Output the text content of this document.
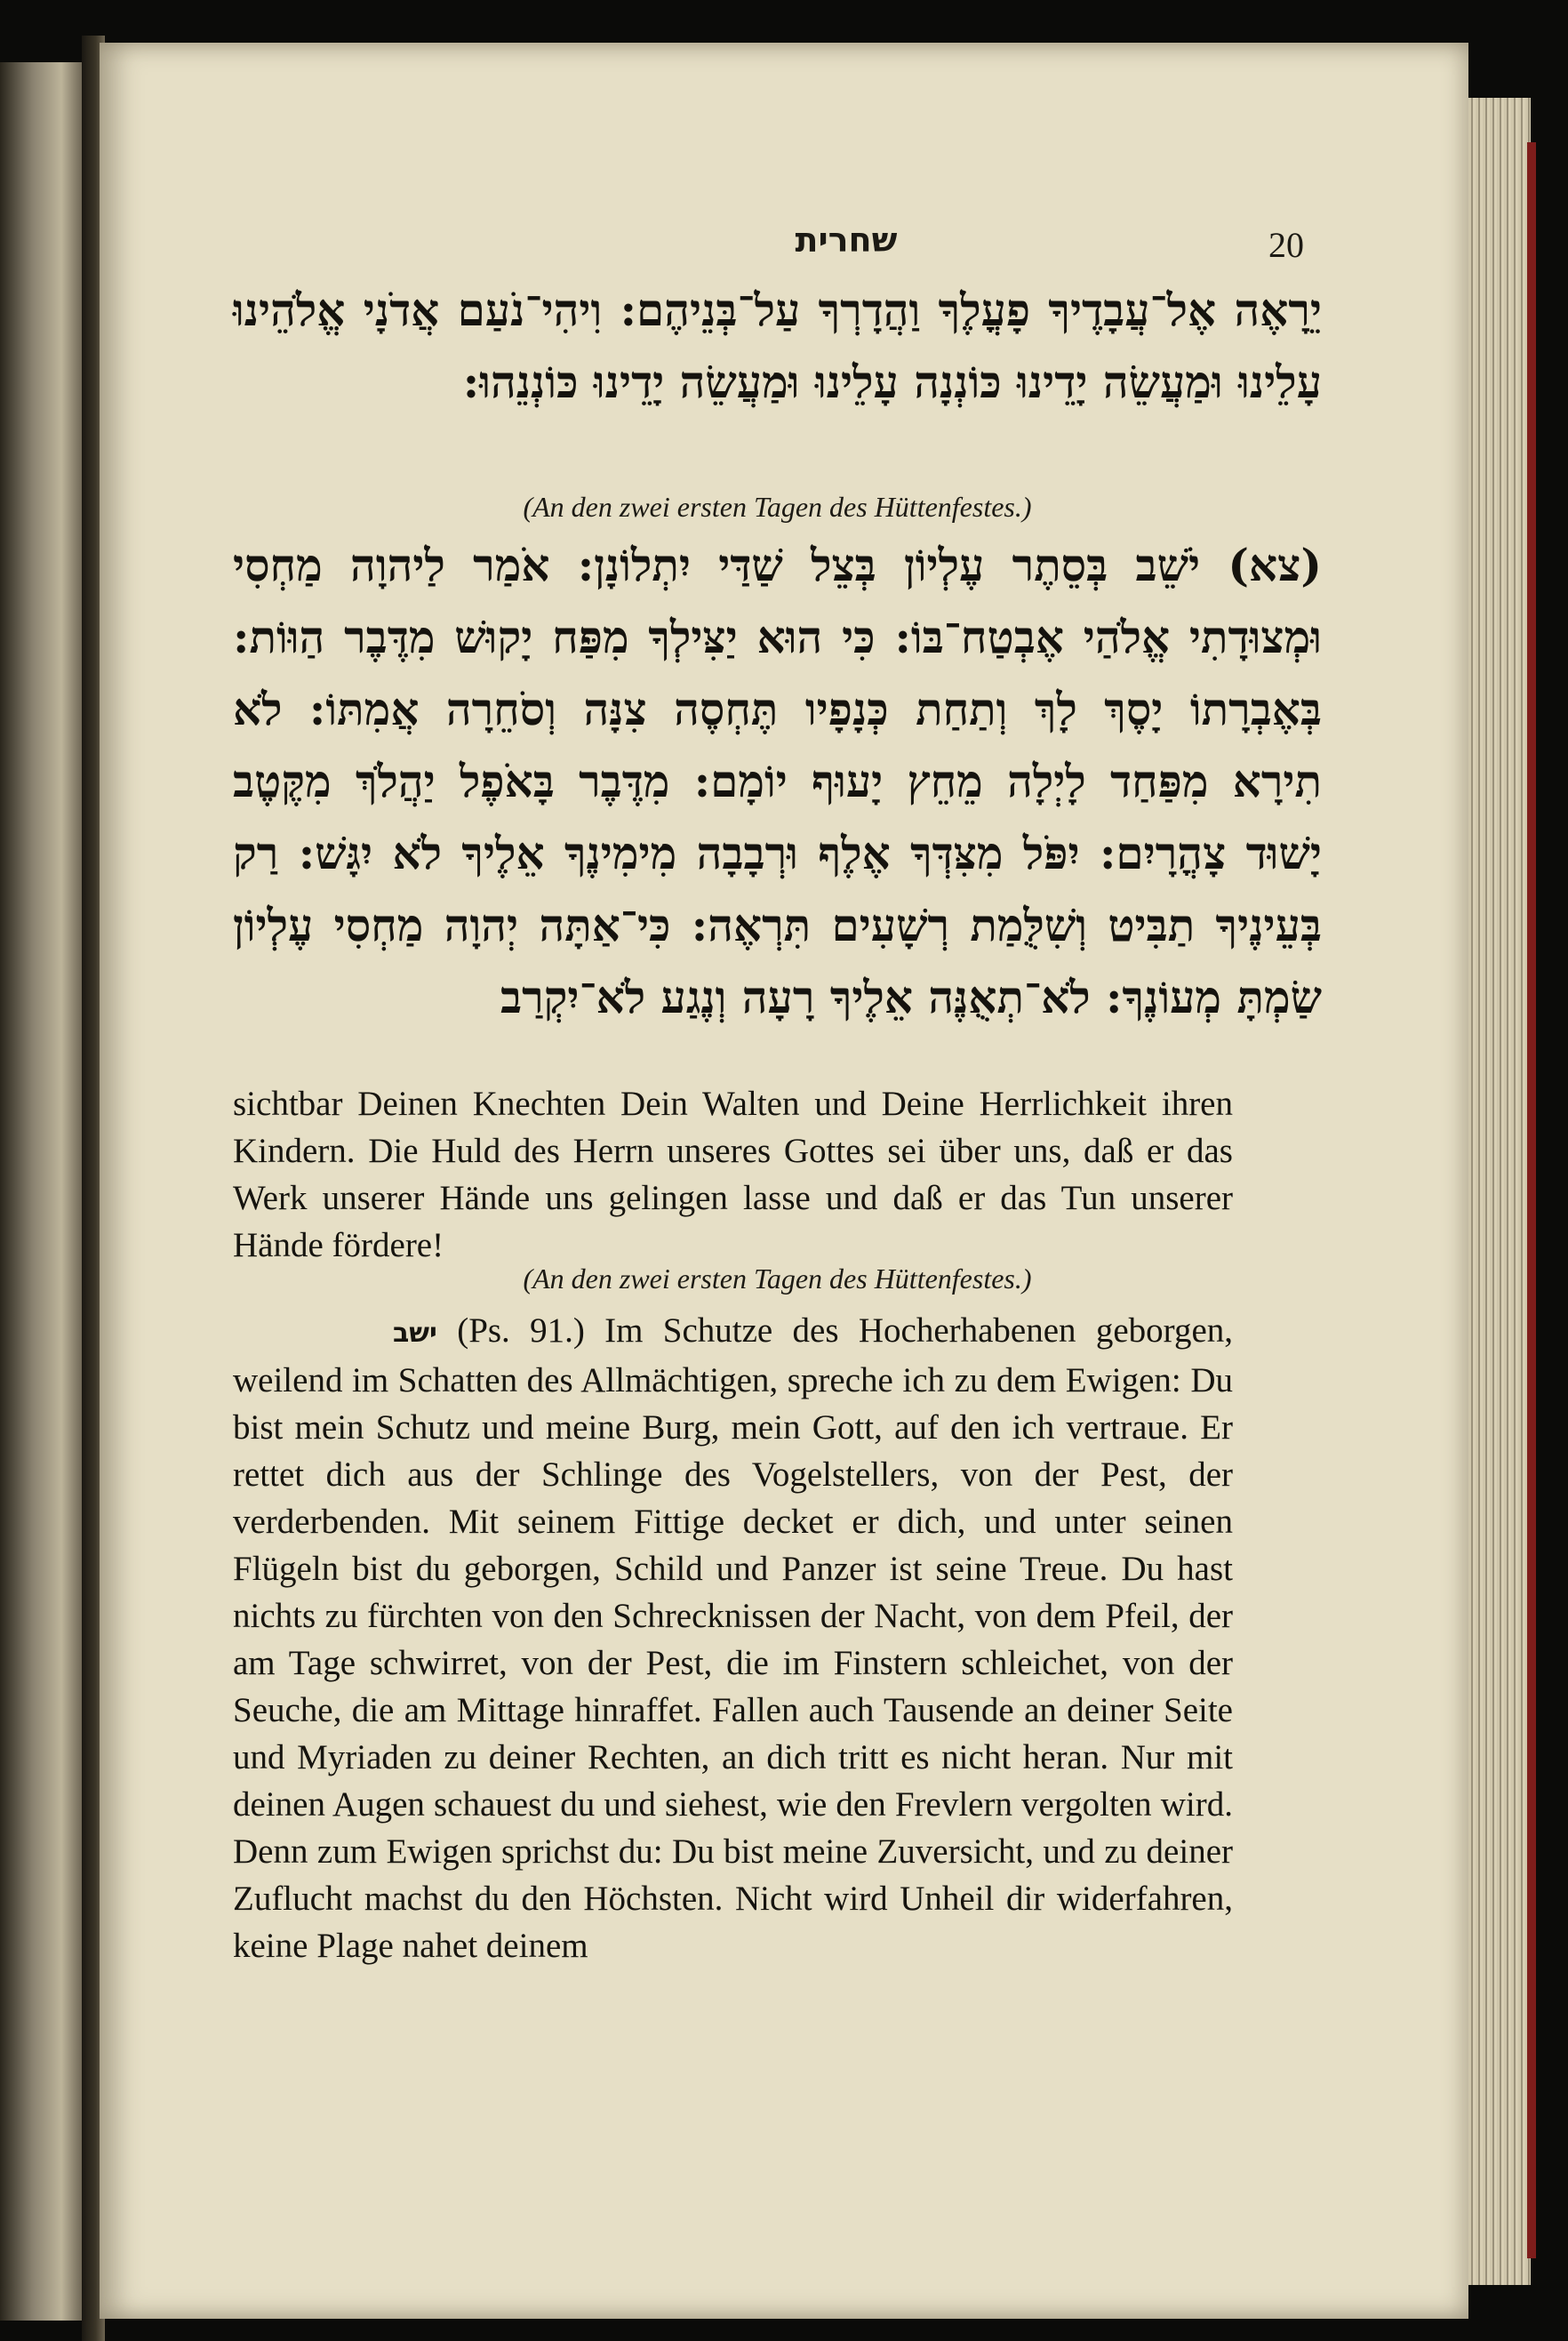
שחרית	20
יֵרָאֶה אֶל־עֲבָדֶיךָ פָעֳלֶךָ וַהֲדָרְךָ עַל־בְּנֵיהֶם: וִיהִי־נֹעַם אֲדֹנָי אֱלֹהֵינוּ עָלֵינוּ וּמַעֲשֵׂה יָדֵינוּ כּוֹנְנָה עָלֵינוּ וּמַעֲשֵׂה יָדֵינוּ כּוֹנְנֵהוּ:
(An den zwei ersten Tagen des Hüttenfestes.)
(צא) יֹשֵׁב בְּסֵתֶר עֶלְיוֹן בְּצֵל שַׁדַּי יִתְלוֹנָן: אֹמַר לַיהוָה מַחְסִי וּמְצוּדָתִי אֱלֹהַי אֶבְטַח־בּוֹ: כִּי הוּא יַצִּילְךָ מִפַּח יָקוּשׁ מִדֶּבֶר הַוּוֹת: בְּאֶבְרָתוֹ יָסֶךְ לָךְ וְתַחַת כְּנָפָיו תֶּחְסֶה צִנָּה וְסֹחֵרָה אֲמִתּוֹ: לֹא תִירָא מִפַּחַד לָיְלָה מֵחֵץ יָעוּף יוֹמָם: מִדֶּבֶר בָּאֹפֶל יַהֲלֹךְ מִקֶּטֶב יָשׁוּד צָהֳרָיִם: יִפֹּל מִצִּדְּךָ אֶלֶף וּרְבָבָה מִימִינֶךָ אֵלֶיךָ לֹא יִגָּשׁ: רַק בְּעֵינֶיךָ תַבִּיט וְשִׁלֻּמַת רְשָׁעִים תִּרְאֶה: כִּי־אַתָּה יְהוָה מַחְסִי עֶלְיוֹן שַׂמְתָּ מְעוֹנֶךָ: לֹא־תְאֻנֶּה אֵלֶיךָ רָעָה וְנֶגַע לֹא־יִקְרַב
sichtbar Deinen Knechten Dein Walten und Deine Herrlichkeit ihren Kindern. Die Huld des Herrn unseres Gottes sei über uns, daß er das Werk unserer Hände uns gelingen lasse und daß er das Tun unserer Hände fördere!
(An den zwei ersten Tagen des Hüttenfestes.)
ישב (Ps. 91.) Im Schutze des Hocherhabenen geborgen, weilend im Schatten des Allmächtigen, spreche ich zu dem Ewigen: Du bist mein Schutz und meine Burg, mein Gott, auf den ich vertraue. Er rettet dich aus der Schlinge des Vogelstellers, von der Pest, der verderbenden. Mit seinem Fittige decket er dich, und unter seinen Flügeln bist du geborgen, Schild und Panzer ist seine Treue. Du hast nichts zu fürchten von den Schrecknissen der Nacht, von dem Pfeil, der am Tage schwirret, von der Pest, die im Finstern schleichet, von der Seuche, die am Mittage hinraffet. Fallen auch Tausende an deiner Seite und Myriaden zu deiner Rechten, an dich tritt es nicht heran. Nur mit deinen Augen schauest du und siehest, wie den Frevlern vergolten wird. Denn zum Ewigen sprichst du: Du bist meine Zuversicht, und zu deiner Zuflucht machst du den Höchsten. Nicht wird Unheil dir widerfahren, keine Plage nahet deinem
